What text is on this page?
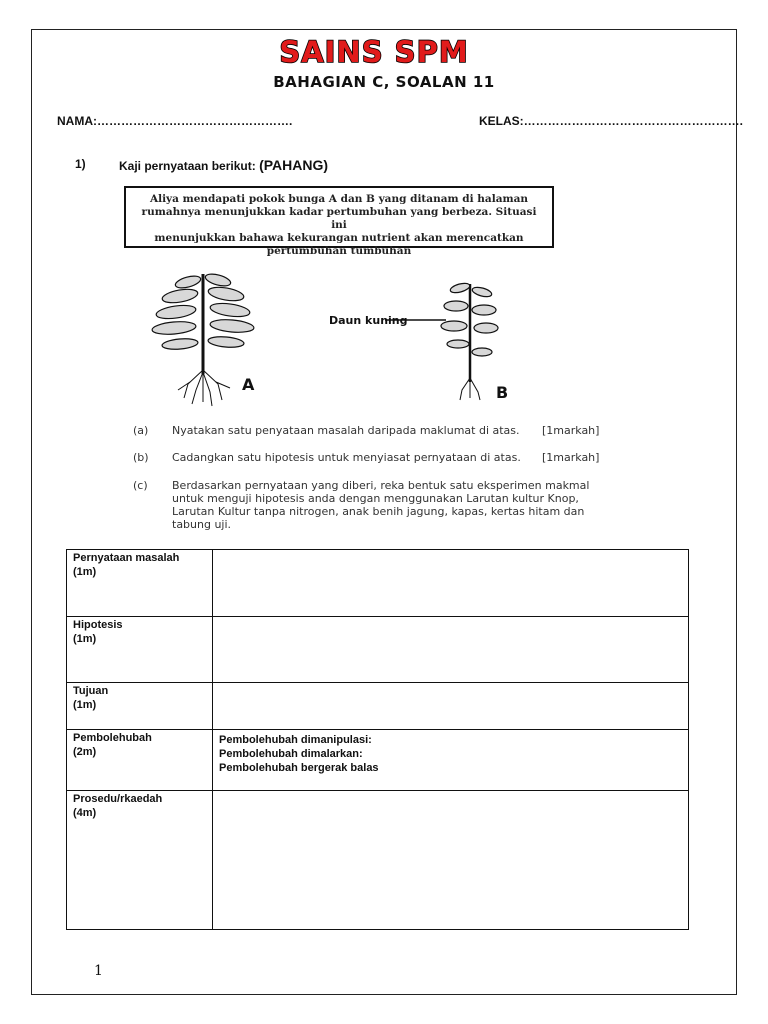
SAINS SPM
BAHAGIAN C, SOALAN 11
NAMA:………………………………………….	KELAS:……………………………………………….
1)	Kaji pernyataan berikut: (PAHANG)
Aliya mendapati pokok bunga A dan B yang ditanam di halaman
rumahnya menunjukkan kadar pertumbuhan yang berbeza. Situasi ini
menunjukkan bahawa kekurangan nutrient akan merencatkan
pertumbuhan tumbuhan
A
Daun kuning
B
(a) Nyatakan satu penyataan masalah daripada maklumat di atas. [1markah]
(b) Cadangkan satu hipotesis untuk menyiasat pernyataan di atas. [1markah]
(c) Berdasarkan pernyataan yang diberi, reka bentuk satu eksperimen makmal
untuk menguji hipotesis anda dengan menggunakan Larutan kultur Knop,
Larutan Kultur tanpa nitrogen, anak benih jagung, kapas, kertas hitam dan
tabung uji.
Pernyataan masalah
(1m)	

Hipotesis
(1m)	

Tujuan
(1m)	

Pembolehubah
(2m)	Pembolehubah dimanipulasi:
Pembolehubah dimalarkan:
Pembolehubah bergerak balas

Prosedu/rkaedah
(4m)	

1
